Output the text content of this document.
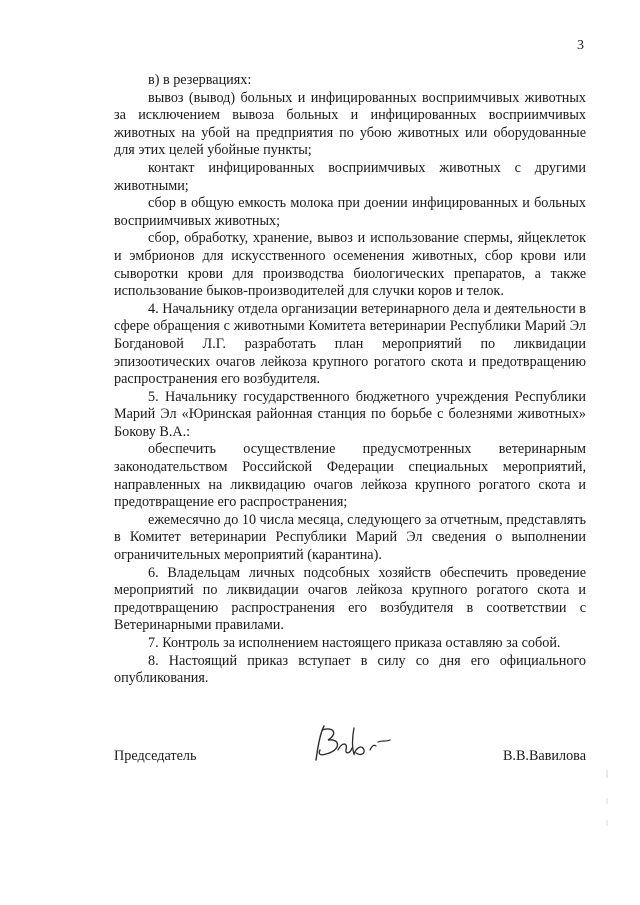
3

в) в резервациях:

вывоз (вывод) больных и инфицированных восприимчивых животных за исключением вывоза больных и инфицированных восприимчивых животных на убой на предприятия по убою животных или оборудованные для этих целей убойные пункты;

контакт инфицированных восприимчивых животных с другими животными;

сбор в общую емкость молока при доении инфицированных и больных восприимчивых животных;

сбор, обработку, хранение, вывоз и использование спермы, яйцеклеток и эмбрионов для искусственного осеменения животных, сбор крови или сыворотки крови для производства биологических препаратов, а также использование быков-производителей для случки коров и телок.

4. Начальнику отдела организации ветеринарного дела и деятельности в сфере обращения с животными Комитета ветеринарии Республики Марий Эл Богдановой Л.Г. разработать план мероприятий по ликвидации эпизоотических очагов лейкоза крупного рогатого скота и предотвращению распространения его возбудителя.

5. Начальнику государственного бюджетного учреждения Республики Марий Эл «Юринская районная станция по борьбе с болезнями животных» Бокову В.А.:

обеспечить осуществление предусмотренных ветеринарным законодательством Российской Федерации специальных мероприятий, направленных на ликвидацию очагов лейкоза крупного рогатого скота и предотвращение его распространения;

ежемесячно до 10 числа месяца, следующего за отчетным, представлять в Комитет ветеринарии Республики Марий Эл сведения о выполнении ограничительных мероприятий (карантина).

6. Владельцам личных подсобных хозяйств обеспечить проведение мероприятий по ликвидации очагов лейкоза крупного рогатого скота и предотвращению распространения его возбудителя в соответствии с Ветеринарными правилами.

7. Контроль за исполнением настоящего приказа оставляю за собой.

8. Настоящий приказ вступает в силу со дня его официального опубликования.

Председатель	В.В.Вавилова
